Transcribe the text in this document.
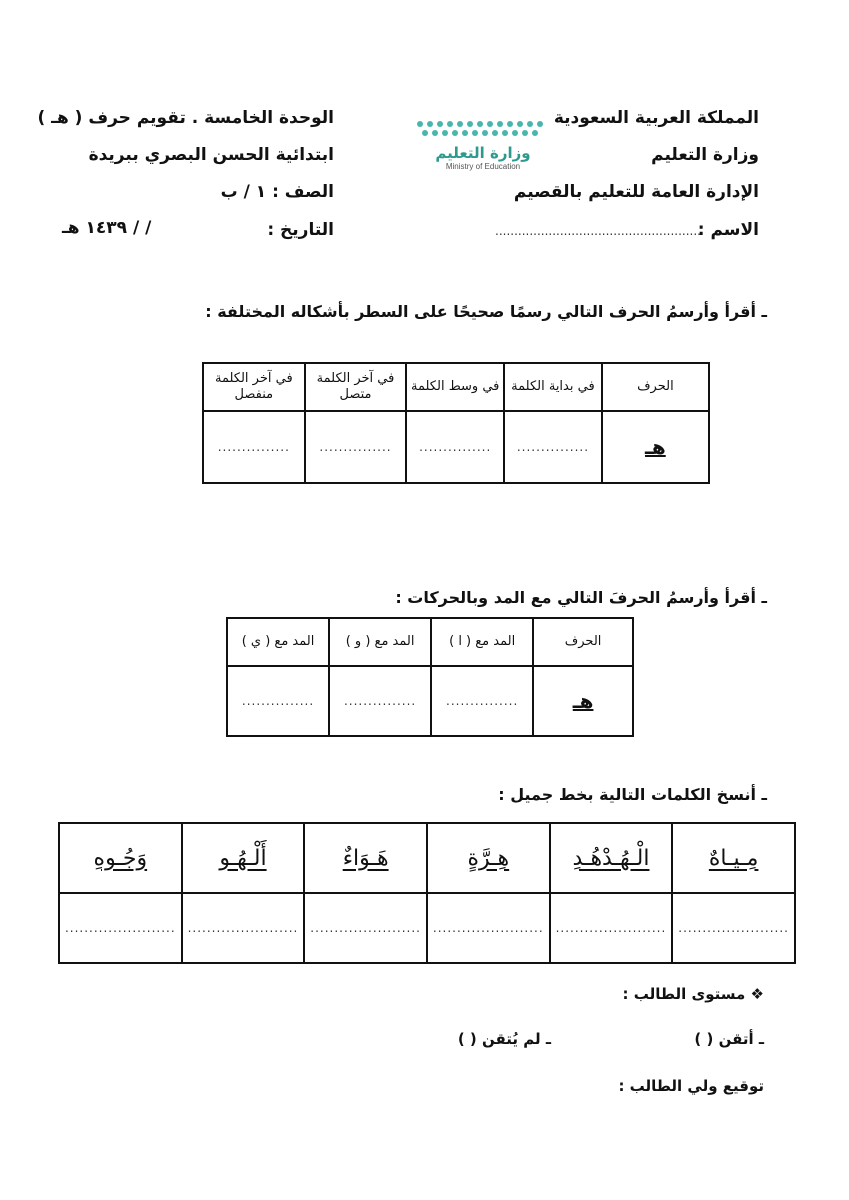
المملكة العربية السعودية
وزارة التعليم
الإدارة العامة للتعليم بالقصيم
الاسم :
......................................................
وزارة التعليم
Ministry of Education
الوحدة الخامسة . تقويم حرف ( هـ )
ابتدائية الحسن البصري ببريدة
الصف : ١ / ب
التاريخ :
/ / ١٤٣٩ هـ
ـ أقرأ وأرسمُ الحرف التالي رسمًا صحيحًا على السطر بأشكاله المختلفة :
في آخر الكلمة منفصل	في آخر الكلمة متصل	في وسط الكلمة	في بداية الكلمة	الحرف
...............	...............	...............	...............	هـ
ـ أقرأ وأرسمُ الحرفَ التالي مع المد وبالحركات :
المد مع ( ي )	المد مع ( و )	المد مع ( ا )	الحرف
...............	...............	...............	هـ
ـ أنسخ الكلمات التالية بخط جميل :
وَجُـوهِ	أَلْـهُـو	هَـوَاءٌ	هِـرَّةٍ	الْـهُـدْهُـدِ	مِـيـاهٌ
.......................	.......................	.......................	.......................	.......................	.......................
❖ مستوى الطالب :
ـ أتقن ( )
ـ لم يُتقن ( )
توقيع ولي الطالب :
